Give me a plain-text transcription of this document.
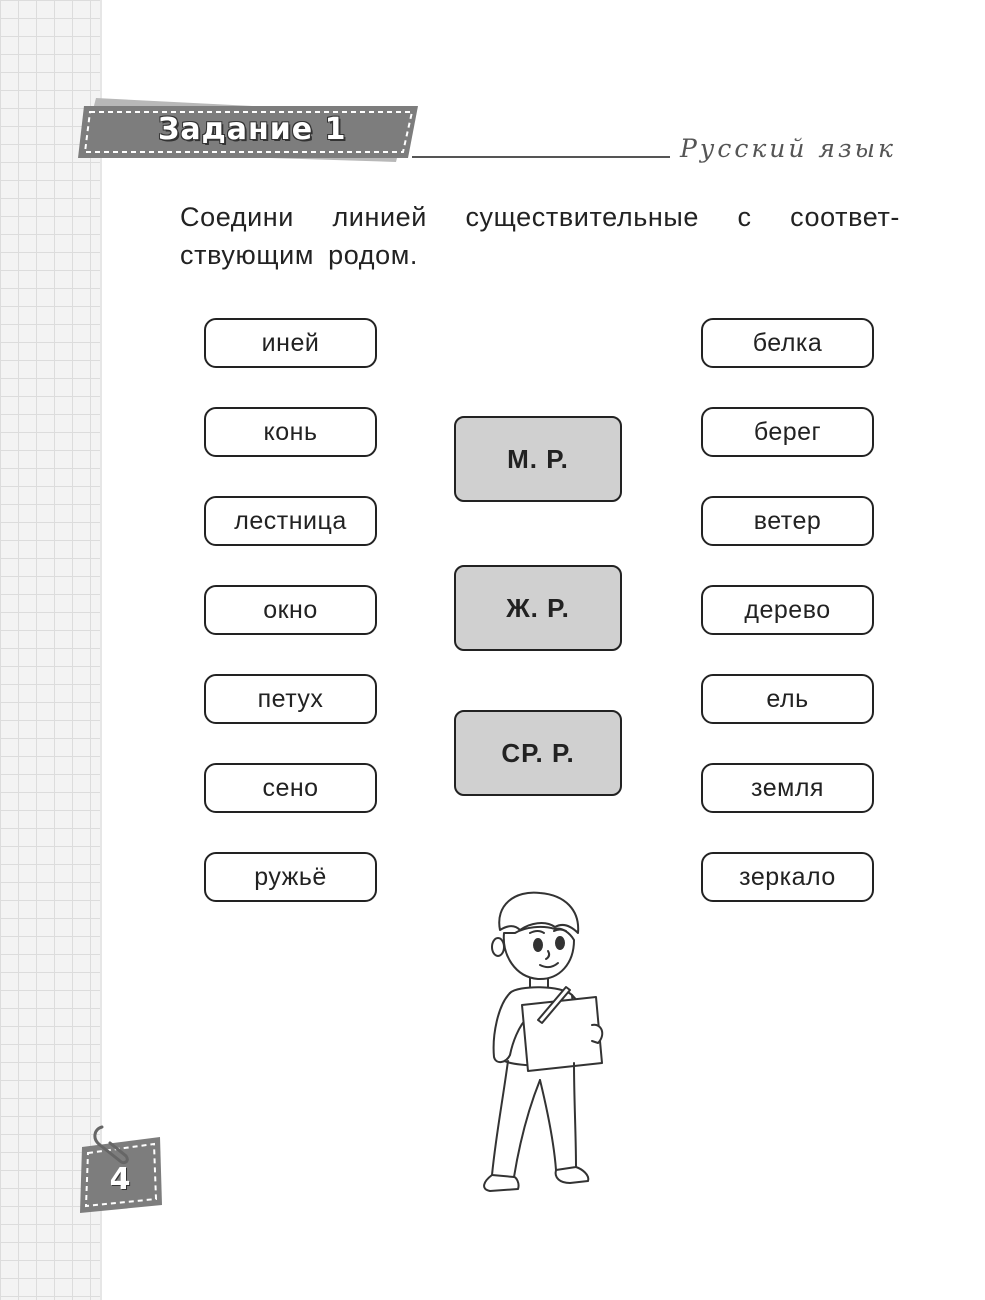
Задание 1
Русский язык
Соедини линией существительные с соответ-ствующим родом.
иней
конь
лестница
окно
петух
сено
ружьё
М. Р.
Ж. Р.
СР. Р.
белка
берег
ветер
дерево
ель
земля
зеркало
4
